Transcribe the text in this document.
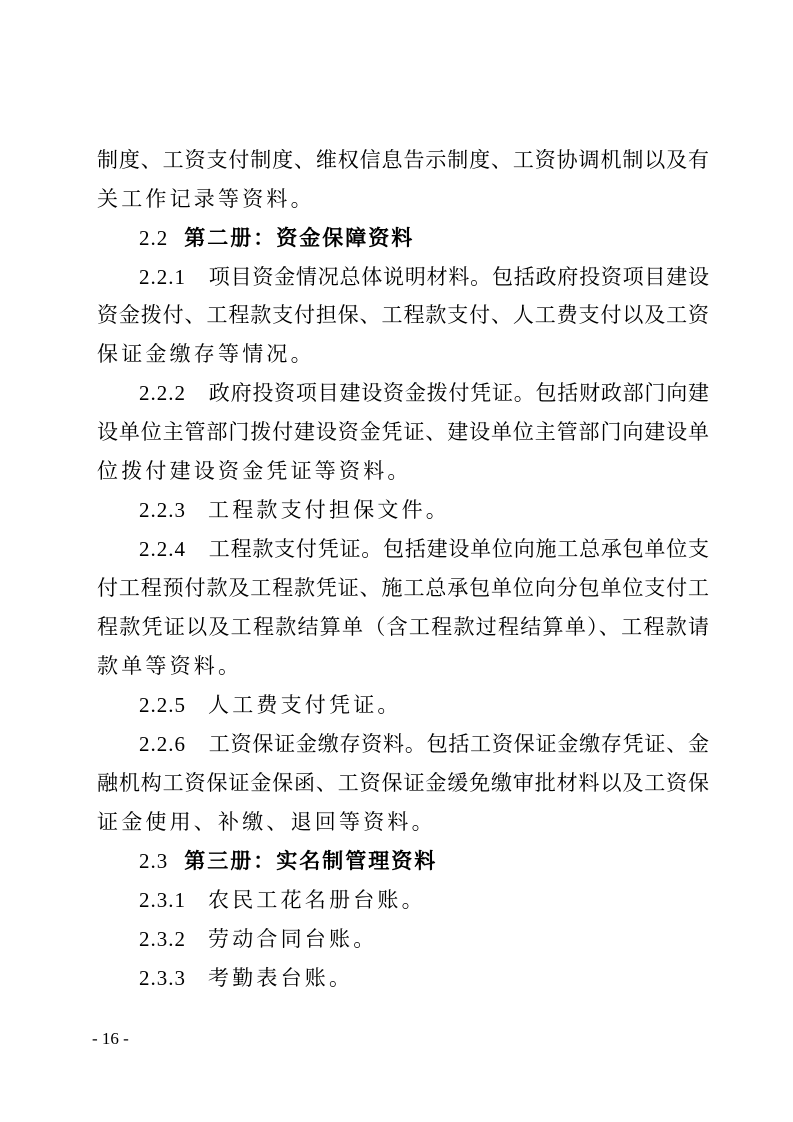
制度、工资支付制度、维权信息告示制度、工资协调机制以及有
关工作记录等资料。
2.2 第二册：资金保障资料
2.2.1 项目资金情况总体说明材料。包括政府投资项目建设
资金拨付、工程款支付担保、工程款支付、人工费支付以及工资
保证金缴存等情况。
2.2.2 政府投资项目建设资金拨付凭证。包括财政部门向建
设单位主管部门拨付建设资金凭证、建设单位主管部门向建设单
位拨付建设资金凭证等资料。
2.2.3 工程款支付担保文件。
2.2.4 工程款支付凭证。包括建设单位向施工总承包单位支
付工程预付款及工程款凭证、施工总承包单位向分包单位支付工
程款凭证以及工程款结算单（含工程款过程结算单）、工程款请
款单等资料。
2.2.5 人工费支付凭证。
2.2.6 工资保证金缴存资料。包括工资保证金缴存凭证、金
融机构工资保证金保函、工资保证金缓免缴审批材料以及工资保
证金使用、补缴、退回等资料。
2.3 第三册：实名制管理资料
2.3.1 农民工花名册台账。
2.3.2 劳动合同台账。
2.3.3 考勤表台账。
- 16 -
